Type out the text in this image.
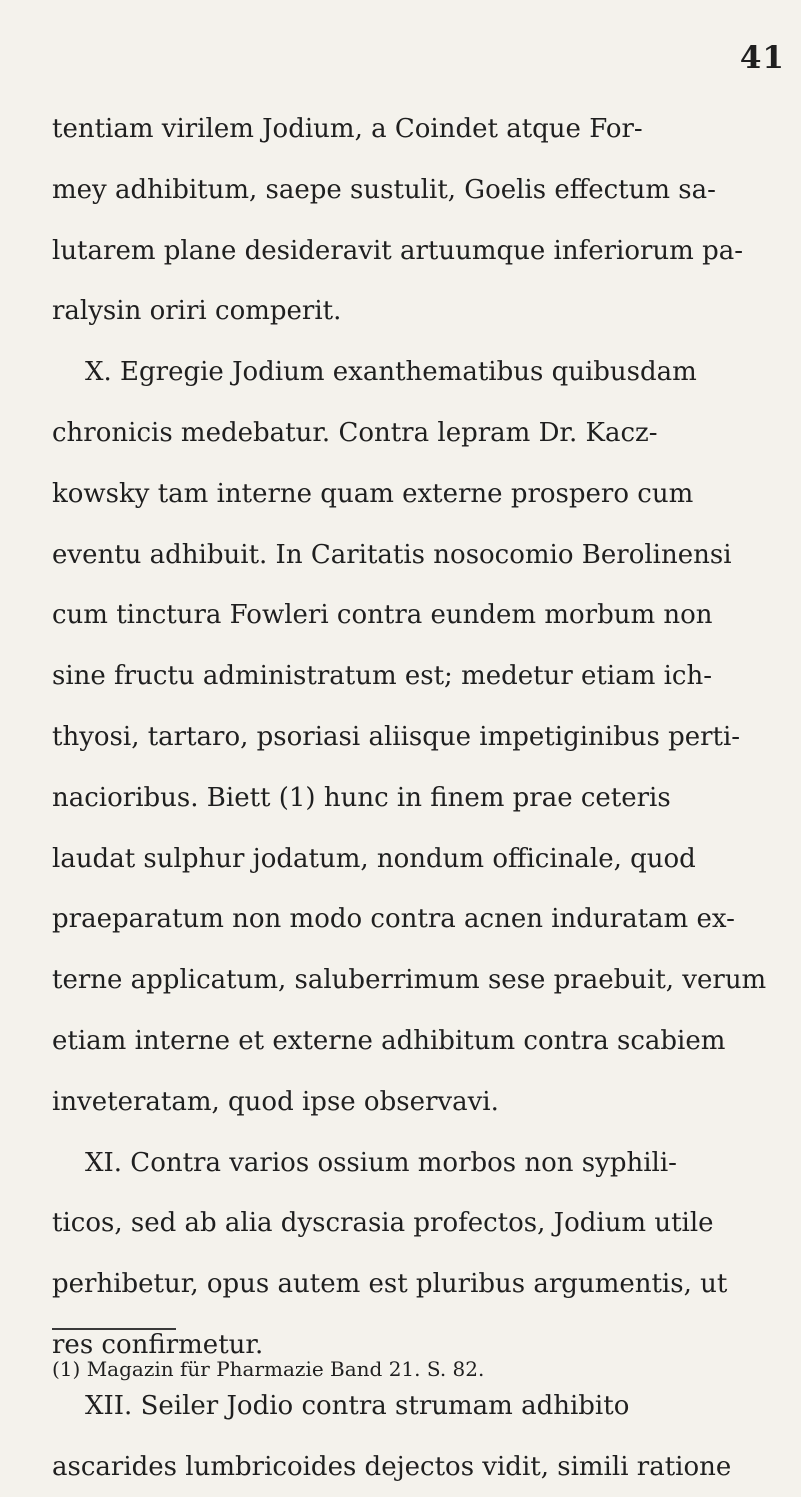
41
tentiam virilem Jodium, a Coindet atque For-
mey adhibitum, saepe sustulit, Goelis effectum sa-
lutarem plane desideravit artuumque inferiorum pa-
ralysin oriri comperit.
X. Egregie Jodium exanthematibus quibusdam
chronicis medebatur. Contra lepram Dr. Kacz-
kowsky tam interne quam externe prospero cum
eventu adhibuit. In Caritatis nosocomio Berolinensi
cum tinctura Fowleri contra eundem morbum non
sine fructu administratum est; medetur etiam ich-
thyosi, tartaro, psoriasi aliisque impetiginibus perti-
nacioribus. Biett (1) hunc in finem prae ceteris
laudat sulphur jodatum, nondum officinale, quod
praeparatum non modo contra acnen induratam ex-
terne applicatum, saluberrimum sese praebuit, verum
etiam interne et externe adhibitum contra scabiem
inveteratam, quod ipse observavi.
XI. Contra varios ossium morbos non syphili-
ticos, sed ab alia dyscrasia profectos, Jodium utile
perhibetur, opus autem est pluribus argumentis, ut
res confirmetur.
XII. Seiler Jodio contra strumam adhibito
ascarides lumbricoides dejectos vidit, simili ratione
(1) Magazin für Pharmazie Band 21. S. 82.
